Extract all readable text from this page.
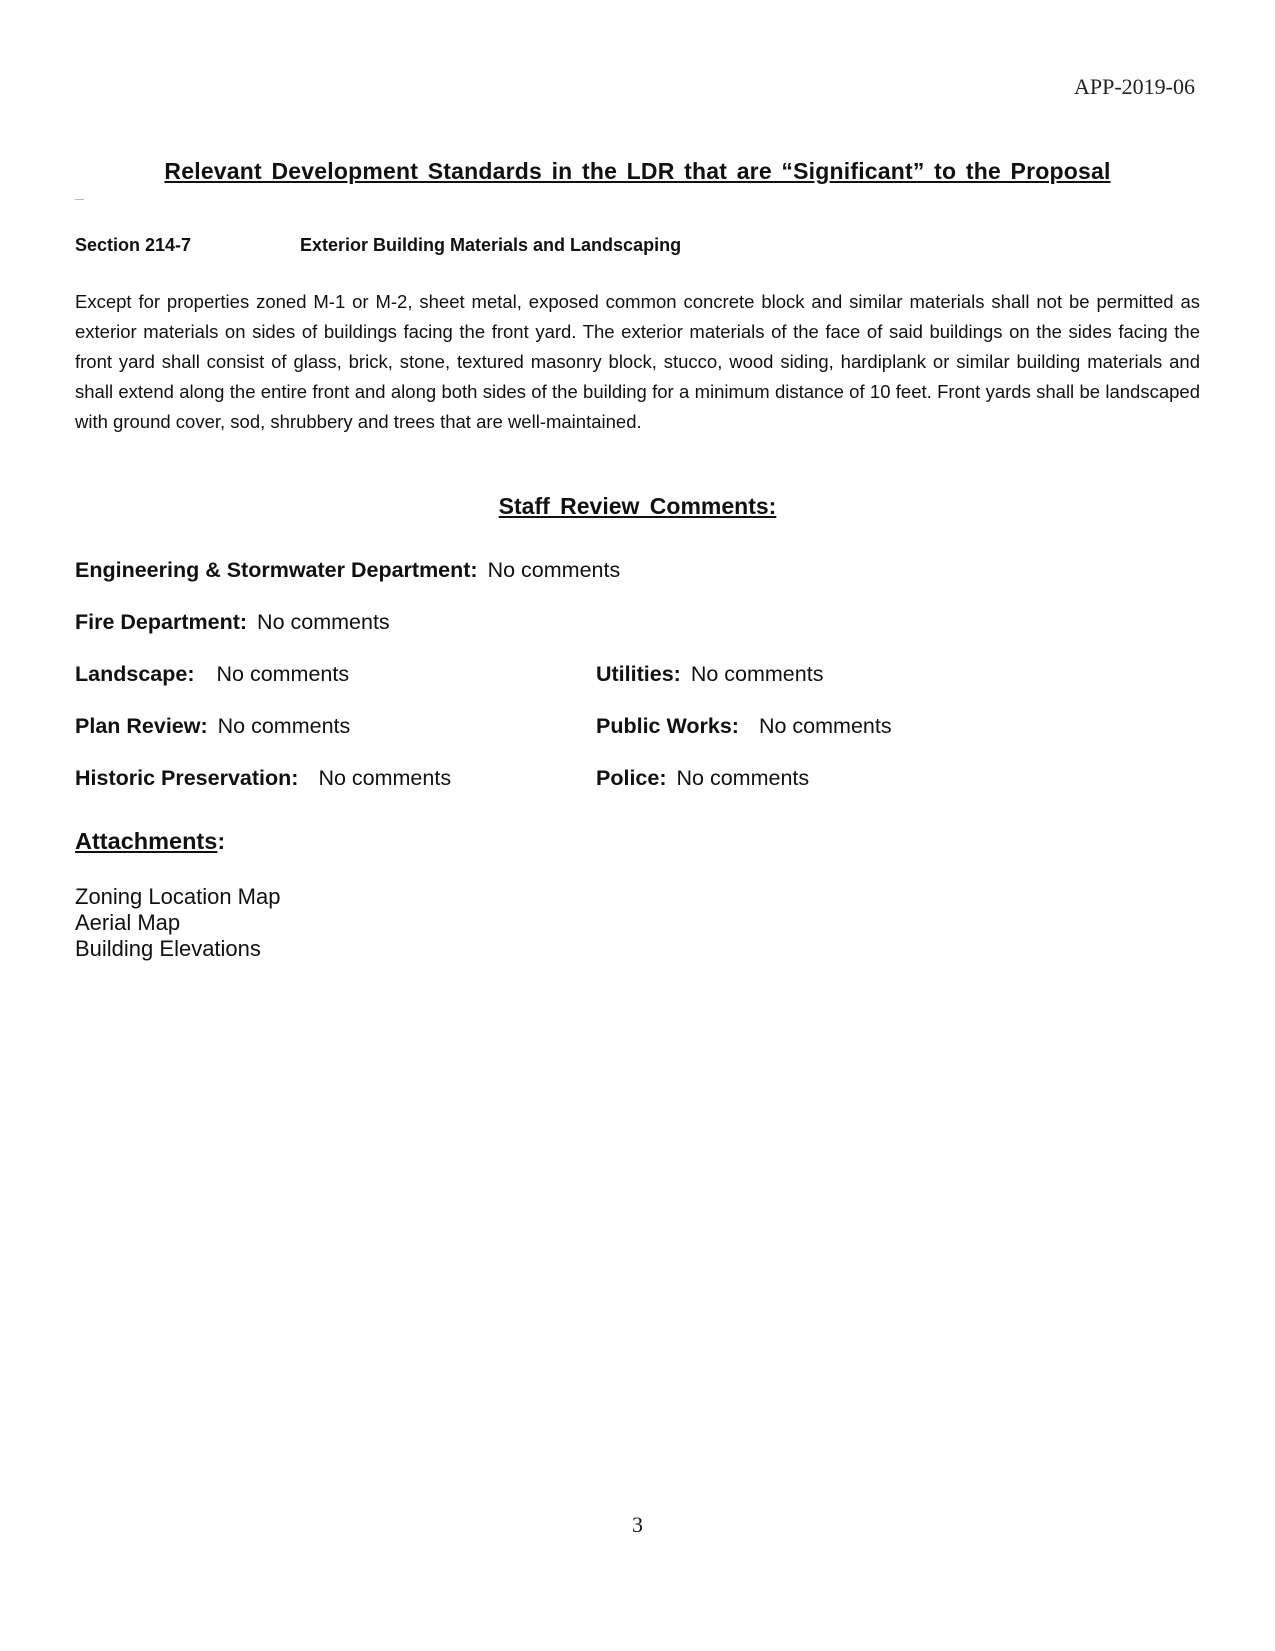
APP-2019-06
Relevant Development Standards in the LDR that are “Significant” to the Proposal
Section 214-7	Exterior Building Materials and Landscaping

Except for properties zoned M-1 or M-2, sheet metal, exposed common concrete block and similar materials shall not be permitted as exterior materials on sides of buildings facing the front yard. The exterior materials of the face of said buildings on the sides facing the front yard shall consist of glass, brick, stone, textured masonry block, stucco, wood siding, hardiplank or similar building materials and shall extend along the entire front and along both sides of the building for a minimum distance of 10 feet. Front yards shall be landscaped with ground cover, sod, shrubbery and trees that are well-maintained.

Staff Review Comments:
Engineering & Stormwater Department: No comments
Fire Department: No comments
Landscape: No comments	Utilities: No comments
Plan Review: No comments	Public Works: No comments
Historic Preservation: No comments	Police: No comments
Attachments:
Zoning Location Map
Aerial Map
Building Elevations
3
